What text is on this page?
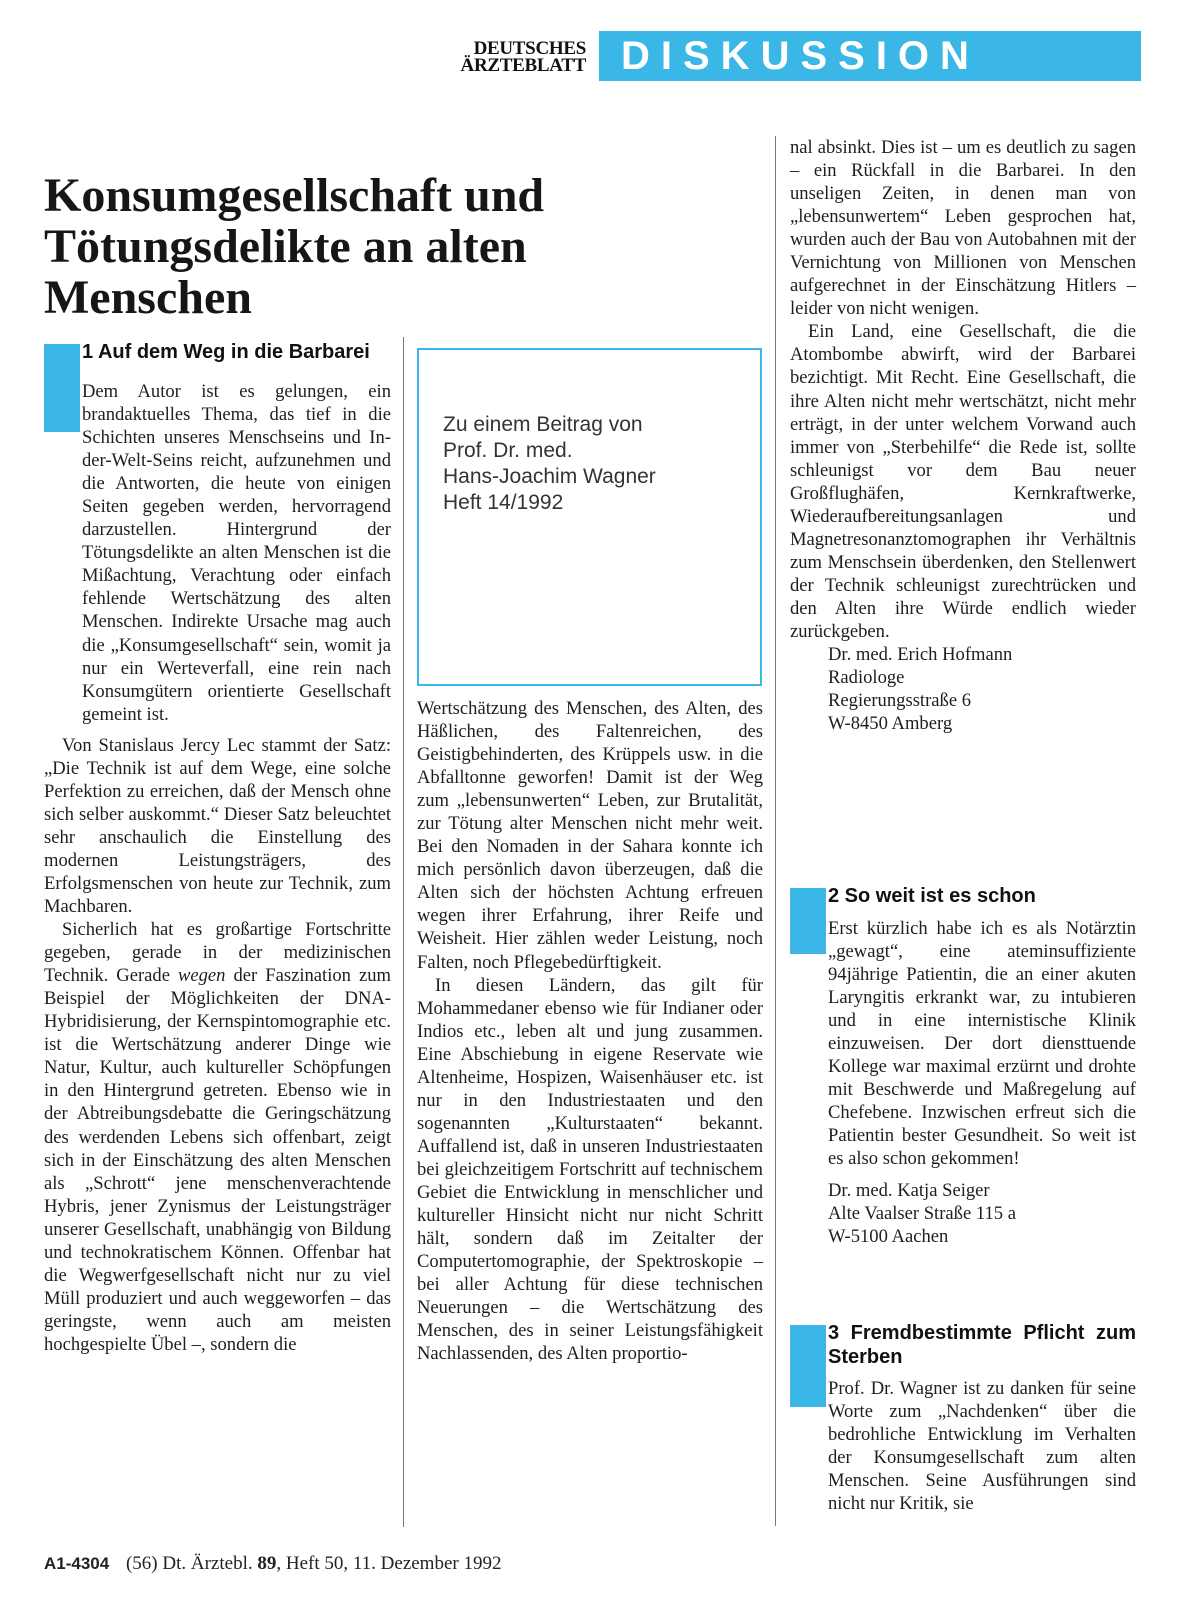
DEUTSCHES
ÄRZTEBLATT DISKUSSION
Konsumgesellschaft und Tötungsdelikte an alten Menschen
1 Auf dem Weg in die Barbarei

Dem Autor ist es gelungen, ein brandaktuelles Thema, das tief in die Schichten unseres Menschseins und In-der-Welt-Seins reicht, aufzunehmen und die Antworten, die heute von einigen Seiten gegeben werden, hervorragend darzustellen. Hintergrund der Tötungsdelikte an alten Menschen ist die Mißachtung, Verachtung oder einfach fehlende Wertschätzung des alten Menschen. Indirekte Ursache mag auch die „Konsumgesellschaft“ sein, womit ja nur ein Werteverfall, eine rein nach Konsumgütern orientierte Gesellschaft gemeint ist.

Von Stanislaus Jercy Lec stammt der Satz: „Die Technik ist auf dem Wege, eine solche Perfektion zu erreichen, daß der Mensch ohne sich selber auskommt.“ Dieser Satz beleuchtet sehr anschaulich die Einstellung des modernen Leistungsträgers, des Erfolgsmenschen von heute zur Technik, zum Machbaren.

Sicherlich hat es großartige Fortschritte gegeben, gerade in der medizinischen Technik. Gerade wegen der Faszination zum Beispiel der Möglichkeiten der DNA-Hybridisierung, der Kernspintomographie etc. ist die Wertschätzung anderer Dinge wie Natur, Kultur, auch kultureller Schöpfungen in den Hintergrund getreten. Ebenso wie in der Abtreibungsdebatte die Geringschätzung des werdenden Lebens sich offenbart, zeigt sich in der Einschätzung des alten Menschen als „Schrott“ jene menschenverachtende Hybris, jener Zynismus der Leistungsträger unserer Gesellschaft, unabhängig von Bildung und technokratischem Können. Offenbar hat die Wegwerfgesellschaft nicht nur zu viel Müll produziert und auch weggeworfen – das geringste, wenn auch am meisten hochgespielte Übel –, sondern die

Zu einem Beitrag von
Prof. Dr. med.
Hans-Joachim Wagner
Heft 14/1992

Wertschätzung des Menschen, des Alten, des Häßlichen, des Faltenreichen, des Geistigbehinderten, des Krüppels usw. in die Abfalltonne geworfen! Damit ist der Weg zum „lebensunwerten“ Leben, zur Brutalität, zur Tötung alter Menschen nicht mehr weit. Bei den Nomaden in der Sahara konnte ich mich persönlich davon überzeugen, daß die Alten sich der höchsten Achtung erfreuen wegen ihrer Erfahrung, ihrer Reife und Weisheit. Hier zählen weder Leistung, noch Falten, noch Pflegebedürftigkeit.

In diesen Ländern, das gilt für Mohammedaner ebenso wie für Indianer oder Indios etc., leben alt und jung zusammen. Eine Abschiebung in eigene Reservate wie Altenheime, Hospizen, Waisenhäuser etc. ist nur in den Industriestaaten und den sogenannten „Kulturstaaten“ bekannt. Auffallend ist, daß in unseren Industriestaaten bei gleichzeitigem Fortschritt auf technischem Gebiet die Entwicklung in menschlicher und kultureller Hinsicht nicht nur nicht Schritt hält, sondern daß im Zeitalter der Computertomographie, der Spektroskopie – bei aller Achtung für diese technischen Neuerungen – die Wertschätzung des Menschen, des in seiner Leistungsfähigkeit Nachlassenden, des Alten proportio-

nal absinkt. Dies ist – um es deutlich zu sagen – ein Rückfall in die Barbarei. In den unseligen Zeiten, in denen man von „lebensunwertem“ Leben gesprochen hat, wurden auch der Bau von Autobahnen mit der Vernichtung von Millionen von Menschen aufgerechnet in der Einschätzung Hitlers – leider von nicht wenigen.

Ein Land, eine Gesellschaft, die die Atombombe abwirft, wird der Barbarei bezichtigt. Mit Recht. Eine Gesellschaft, die ihre Alten nicht mehr wertschätzt, nicht mehr erträgt, in der unter welchem Vorwand auch immer von „Sterbehilfe“ die Rede ist, sollte schleunigst vor dem Bau neuer Großflughäfen, Kernkraftwerke, Wiederaufbereitungsanlagen und Magnetresonanztomographen ihr Verhältnis zum Menschsein überdenken, den Stellenwert der Technik schleunigst zurechtrücken und den Alten ihre Würde endlich wieder zurückgeben.

Dr. med. Erich Hofmann
Radiologe
Regierungsstraße 6
W-8450 Amberg
2 So weit ist es schon

Erst kürzlich habe ich es als Notärztin „gewagt“, eine ateminsuffiziente 94jährige Patientin, die an einer akuten Laryngitis erkrankt war, zu intubieren und in eine internistische Klinik einzuweisen. Der dort diensttuende Kollege war maximal erzürnt und drohte mit Beschwerde und Maßregelung auf Chefebene. Inzwischen erfreut sich die Patientin bester Gesundheit. So weit ist es also schon gekommen!

Dr. med. Katja Seiger
Alte Vaalser Straße 115 a
W-5100 Aachen
3 Fremdbestimmte Pflicht zum Sterben

Prof. Dr. Wagner ist zu danken für seine Worte zum „Nachdenken“ über die bedrohliche Entwicklung im Verhalten der Konsumgesellschaft zum alten Menschen. Seine Ausführungen sind nicht nur Kritik, sie

A1-4304 (56) Dt. Ärztebl. 89, Heft 50, 11. Dezember 1992
